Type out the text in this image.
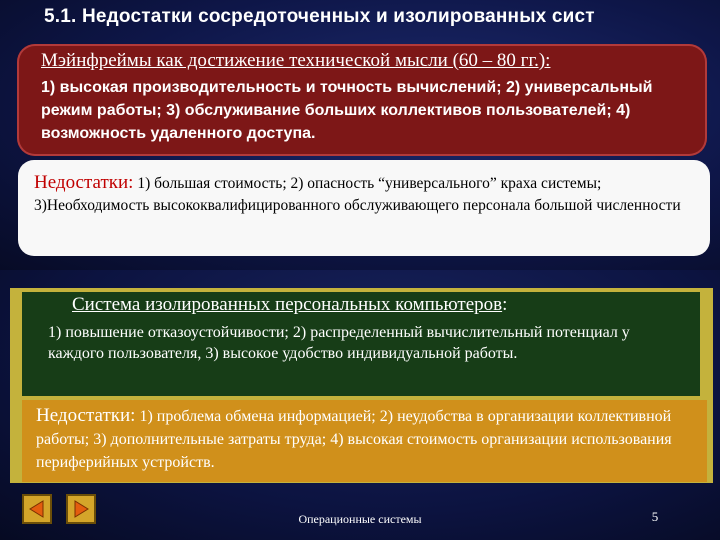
5.1. Недостатки сосредоточенных и изолированных сист
Мэйнфреймы как достижение технической мысли (60 – 80 гг.):
1) высокая производительность и точность вычислений; 2) универсальный режим работы; 3) обслуживание больших коллективов пользователей; 4) возможность удаленного доступа.
Недостатки: 1) большая стоимость; 2) опасность “универсального” краха системы; 3)Необходимость высококвалифицированного обслуживающего персонала большой численности
Система изолированных персональных компьютеров:
1) повышение отказоустойчивости; 2) распределенный вычислительный потенциал у каждого пользователя, 3) высокое удобство индивидуальной работы.
Недостатки: 1) проблема обмена информацией; 2) неудобства в организации коллективной работы; 3) дополнительные затраты труда; 4) высокая стоимость организации использования периферийных устройств.
Операционные системы	5
